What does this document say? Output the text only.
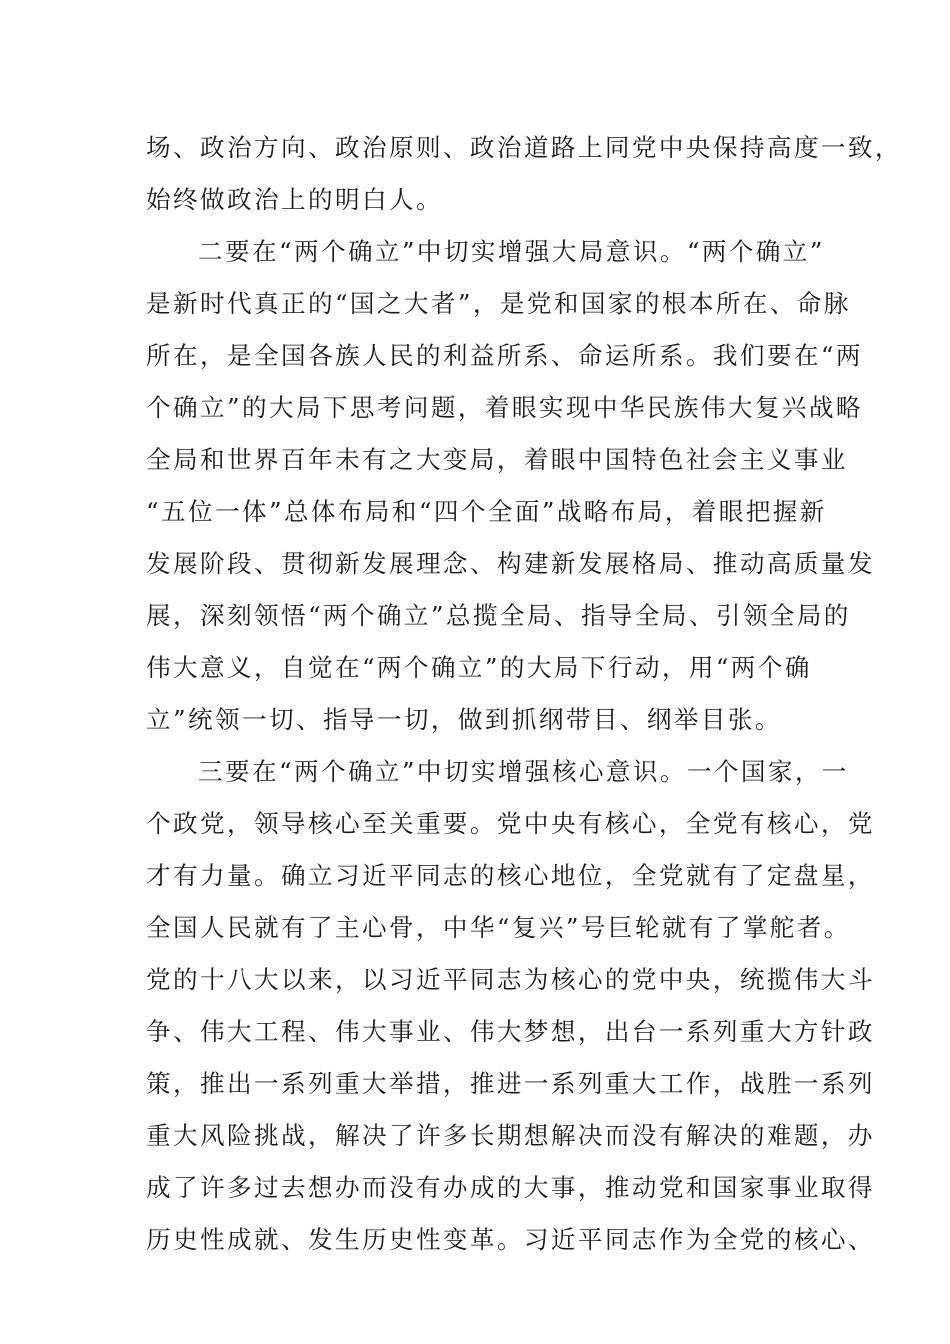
场、政治方向、政治原则、政治道路上同党中央保持高度一致，
始终做政治上的明白人。
二要在“两个确立”中切实增强大局意识。“两个确立”
是新时代真正的“国之大者”，是党和国家的根本所在、命脉
所在，是全国各族人民的利益所系、命运所系。我们要在“两
个确立”的大局下思考问题，着眼实现中华民族伟大复兴战略
全局和世界百年未有之大变局，着眼中国特色社会主义事业
“五位一体”总体布局和“四个全面”战略布局，着眼把握新
发展阶段、贯彻新发展理念、构建新发展格局、推动高质量发
展，深刻领悟“两个确立”总揽全局、指导全局、引领全局的
伟大意义，自觉在“两个确立”的大局下行动，用“两个确
立”统领一切、指导一切，做到抓纲带目、纲举目张。
三要在“两个确立”中切实增强核心意识。一个国家，一
个政党，领导核心至关重要。党中央有核心，全党有核心，党
才有力量。确立习近平同志的核心地位，全党就有了定盘星，
全国人民就有了主心骨，中华“复兴”号巨轮就有了掌舵者。
党的十八大以来，以习近平同志为核心的党中央，统揽伟大斗
争、伟大工程、伟大事业、伟大梦想，出台一系列重大方针政
策，推出一系列重大举措，推进一系列重大工作，战胜一系列
重大风险挑战，解决了许多长期想解决而没有解决的难题，办
成了许多过去想办而没有办成的大事，推动党和国家事业取得
历史性成就、发生历史性变革。习近平同志作为全党的核心、
